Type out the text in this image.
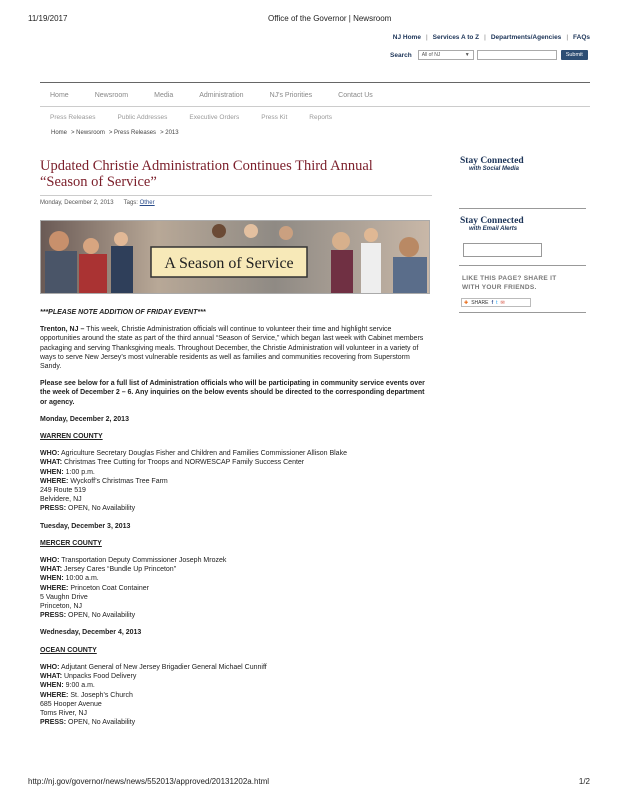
11/19/2017	Office of the Governor | Newsroom
NJ Home | Services A to Z | Departments/Agencies | FAQs
Search	All of NJ	▼	Submit
Home	Newsroom	Media	Administration	NJ's Priorities	Contact Us
Press Releases	Public Addresses	Executive Orders	Press Kit	Reports
Home > Newsroom > Press Releases > 2013
Updated Christie Administration Continues Third Annual
“Season of Service”
Monday, December 2, 2013 Tags: Other
A Season of Service

***PLEASE NOTE ADDITION OF FRIDAY EVENT***

Trenton, NJ – This week, Christie Administration officials will continue to volunteer their time and highlight service opportunities around the state as part of the third annual “Season of Service,” which began last week with Cabinet members packaging and serving Thanksgiving meals. Throughout December, the Christie Administration will volunteer in a variety of ways to serve New Jersey’s most vulnerable residents as well as families and communities recovering from Superstorm Sandy.

Please see below for a full list of Administration officials who will be participating in community service events over the week of December 2 – 6. Any inquiries on the below events should be directed to the corresponding department or agency.

Monday, December 2, 2013

WARREN COUNTY

WHO: Agriculture Secretary Douglas Fisher and Children and Families Commissioner Allison Blake
WHAT: Christmas Tree Cutting for Troops and NORWESCAP Family Success Center
WHEN: 1:00 p.m.
WHERE: Wyckoff’s Christmas Tree Farm
249 Route 519
Belvidere, NJ
PRESS: OPEN, No Availability

Tuesday, December 3, 2013

MERCER COUNTY

WHO: Transportation Deputy Commissioner Joseph Mrozek
WHAT: Jersey Cares “Bundle Up Princeton”
WHEN: 10:00 a.m.
WHERE: Princeton Coat Container
5 Vaughn Drive
Princeton, NJ
PRESS: OPEN, No Availability

Wednesday, December 4, 2013

OCEAN COUNTY

WHO: Adjutant General of New Jersey Brigadier General Michael Cunniff
WHAT: Unpacks Food Delivery
WHEN: 9:00 a.m.
WHERE: St. Joseph’s Church
685 Hooper Avenue
Toms River, NJ
PRESS: OPEN, No Availability

Stay Connected
with Social Media
Stay Connected
with Email Alerts
LIKE THIS PAGE? SHARE IT
WITH YOUR FRIENDS.
✚ SHARE f t ✉
http://nj.gov/governor/news/news/552013/approved/20131202a.html	1/2
